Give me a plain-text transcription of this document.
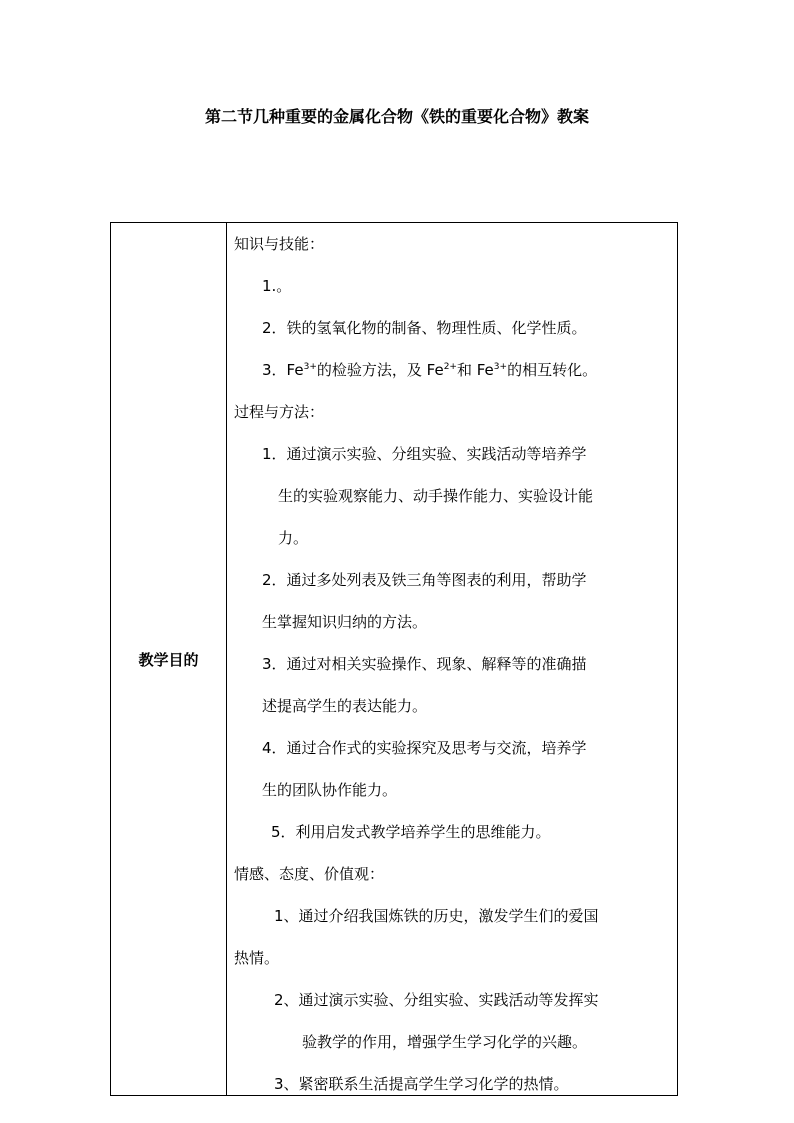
第二节几种重要的金属化合物《铁的重要化合物》教案
教学目的
知识与技能：
1.。
2．铁的氢氧化物的制备、物理性质、化学性质。
3．$Fe^{3+}$的检验方法，及 $Fe^{2+}$和 $Fe^{3+}$的相互转化。
过程与方法：
1．通过演示实验、分组实验、实践活动等培养学
生的实验观察能力、动手操作能力、实验设计能
力。
2．通过多处列表及铁三角等图表的利用，帮助学
生掌握知识归纳的方法。
3．通过对相关实验操作、现象、解释等的准确描
述提高学生的表达能力。
4．通过合作式的实验探究及思考与交流，培养学
生的团队协作能力。
5．利用启发式教学培养学生的思维能力。
情感、态度、价值观：
1、通过介绍我国炼铁的历史，激发学生们的爱国
热情。
2、通过演示实验、分组实验、实践活动等发挥实
验教学的作用，增强学生学习化学的兴趣。
3、紧密联系生活提高学生学习化学的热情。
